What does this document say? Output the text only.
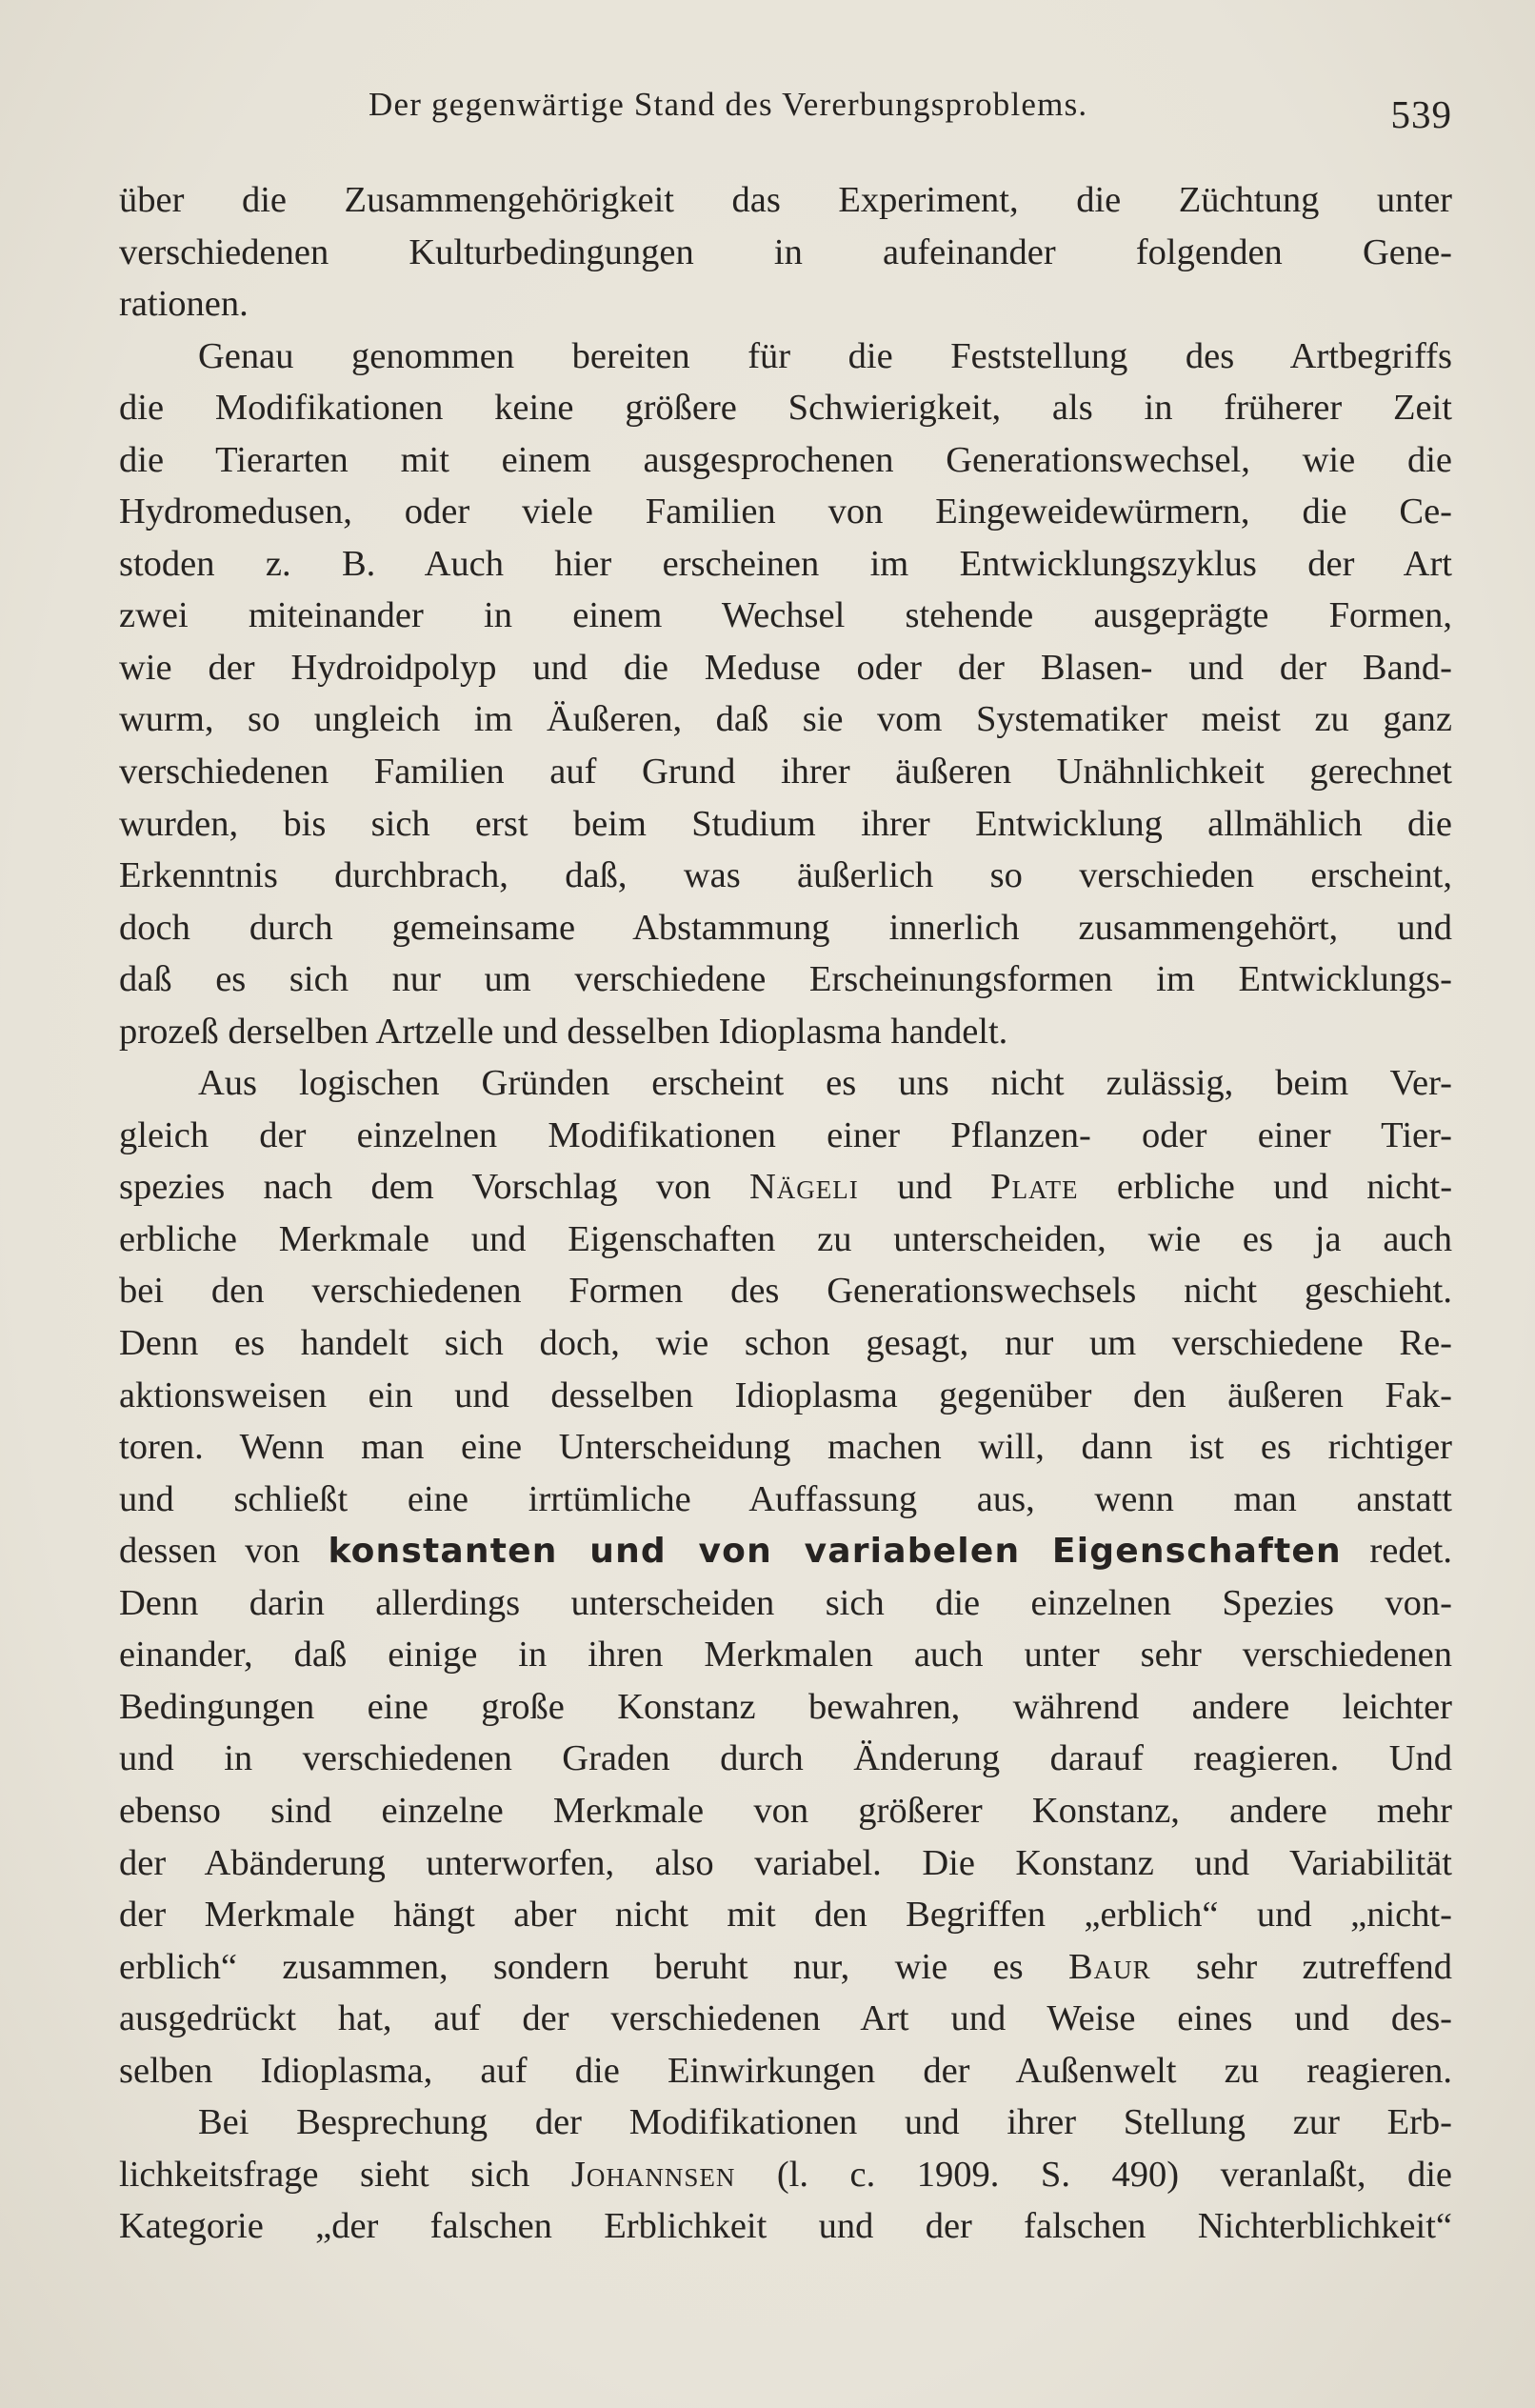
Der gegenwärtige Stand des Vererbungsproblems.	539
über die Zusammengehörigkeit das Experiment, die Züchtung unter
verschiedenen Kulturbedingungen in aufeinander folgenden Gene-
rationen.
Genau genommen bereiten für die Feststellung des Artbegriffs
die Modifikationen keine größere Schwierigkeit, als in früherer Zeit
die Tierarten mit einem ausgesprochenen Generationswechsel, wie die
Hydromedusen, oder viele Familien von Eingeweidewürmern, die Ce-
stoden z. B. Auch hier erscheinen im Entwicklungszyklus der Art
zwei miteinander in einem Wechsel stehende ausgeprägte Formen,
wie der Hydroidpolyp und die Meduse oder der Blasen- und der Band-
wurm, so ungleich im Äußeren, daß sie vom Systematiker meist zu ganz
verschiedenen Familien auf Grund ihrer äußeren Unähnlichkeit gerechnet
wurden, bis sich erst beim Studium ihrer Entwicklung allmählich die
Erkenntnis durchbrach, daß, was äußerlich so verschieden erscheint,
doch durch gemeinsame Abstammung innerlich zusammengehört, und
daß es sich nur um verschiedene Erscheinungsformen im Entwicklungs-
prozeß derselben Artzelle und desselben Idioplasma handelt.
Aus logischen Gründen erscheint es uns nicht zulässig, beim Ver-
gleich der einzelnen Modifikationen einer Pflanzen- oder einer Tier-
spezies nach dem Vorschlag von Nägeli und Plate erbliche und nicht-
erbliche Merkmale und Eigenschaften zu unterscheiden, wie es ja auch
bei den verschiedenen Formen des Generationswechsels nicht geschieht.
Denn es handelt sich doch, wie schon gesagt, nur um verschiedene Re-
aktionsweisen ein und desselben Idioplasma gegenüber den äußeren Fak-
toren. Wenn man eine Unterscheidung machen will, dann ist es richtiger
und schließt eine irrtümliche Auffassung aus, wenn man anstatt
dessen von konstanten und von variabelen Eigenschaften redet.
Denn darin allerdings unterscheiden sich die einzelnen Spezies von-
einander, daß einige in ihren Merkmalen auch unter sehr verschiedenen
Bedingungen eine große Konstanz bewahren, während andere leichter
und in verschiedenen Graden durch Änderung darauf reagieren. Und
ebenso sind einzelne Merkmale von größerer Konstanz, andere mehr
der Abänderung unterworfen, also variabel. Die Konstanz und Variabilität
der Merkmale hängt aber nicht mit den Begriffen „erblich“ und „nicht-
erblich“ zusammen, sondern beruht nur, wie es Baur sehr zutreffend
ausgedrückt hat, auf der verschiedenen Art und Weise eines und des-
selben Idioplasma, auf die Einwirkungen der Außenwelt zu reagieren.
Bei Besprechung der Modifikationen und ihrer Stellung zur Erb-
lichkeitsfrage sieht sich Johannsen (l. c. 1909. S. 490) veranlaßt, die
Kategorie „der falschen Erblichkeit und der falschen Nichterblichkeit“
